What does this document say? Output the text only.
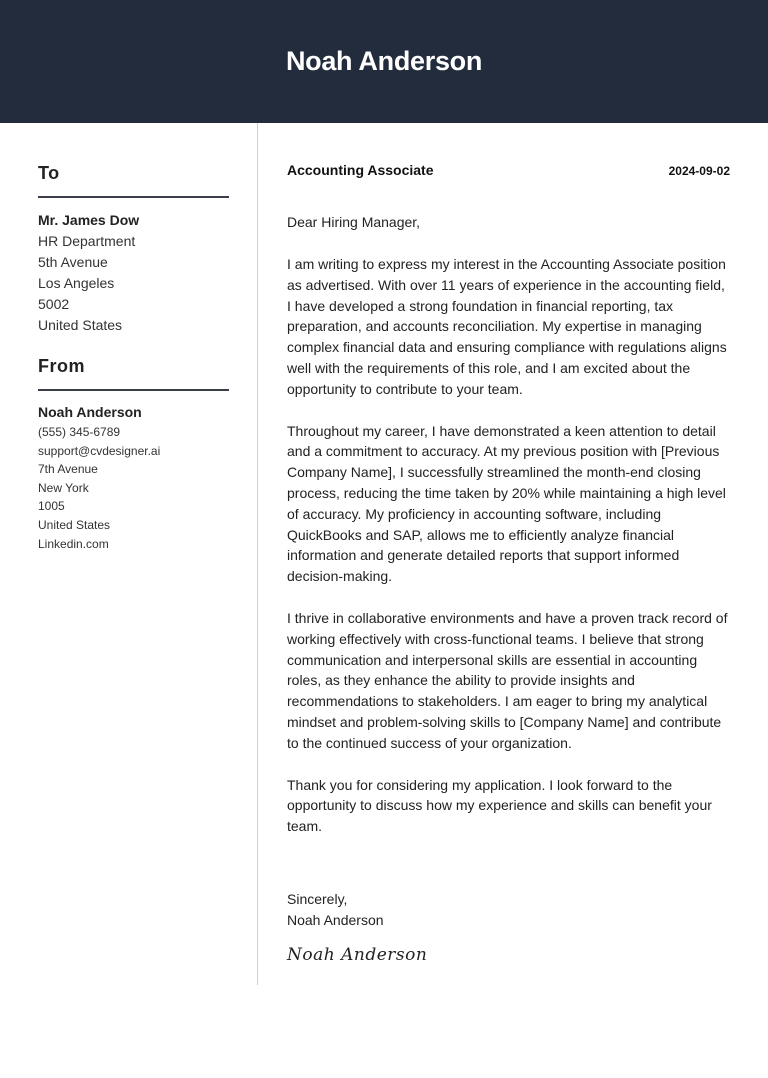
Noah Anderson
To
Mr. James Dow
HR Department
5th Avenue
Los Angeles
5002
United States
From
Noah Anderson
(555) 345-6789
support@cvdesigner.ai
7th Avenue
New York
1005
United States
Linkedin.com
Accounting Associate	2024-09-02
Dear Hiring Manager,
I am writing to express my interest in the Accounting Associate position as advertised. With over 11 years of experience in the accounting field, I have developed a strong foundation in financial reporting, tax preparation, and accounts reconciliation. My expertise in managing complex financial data and ensuring compliance with regulations aligns well with the requirements of this role, and I am excited about the opportunity to contribute to your team.
Throughout my career, I have demonstrated a keen attention to detail and a commitment to accuracy. At my previous position with [Previous Company Name], I successfully streamlined the month-end closing process, reducing the time taken by 20% while maintaining a high level of accuracy. My proficiency in accounting software, including QuickBooks and SAP, allows me to efficiently analyze financial information and generate detailed reports that support informed decision-making.
I thrive in collaborative environments and have a proven track record of working effectively with cross-functional teams. I believe that strong communication and interpersonal skills are essential in accounting roles, as they enhance the ability to provide insights and recommendations to stakeholders. I am eager to bring my analytical mindset and problem-solving skills to [Company Name] and contribute to the continued success of your organization.
Thank you for considering my application. I look forward to the opportunity to discuss how my experience and skills can benefit your team.
Sincerely,
Noah Anderson
Noah Anderson
